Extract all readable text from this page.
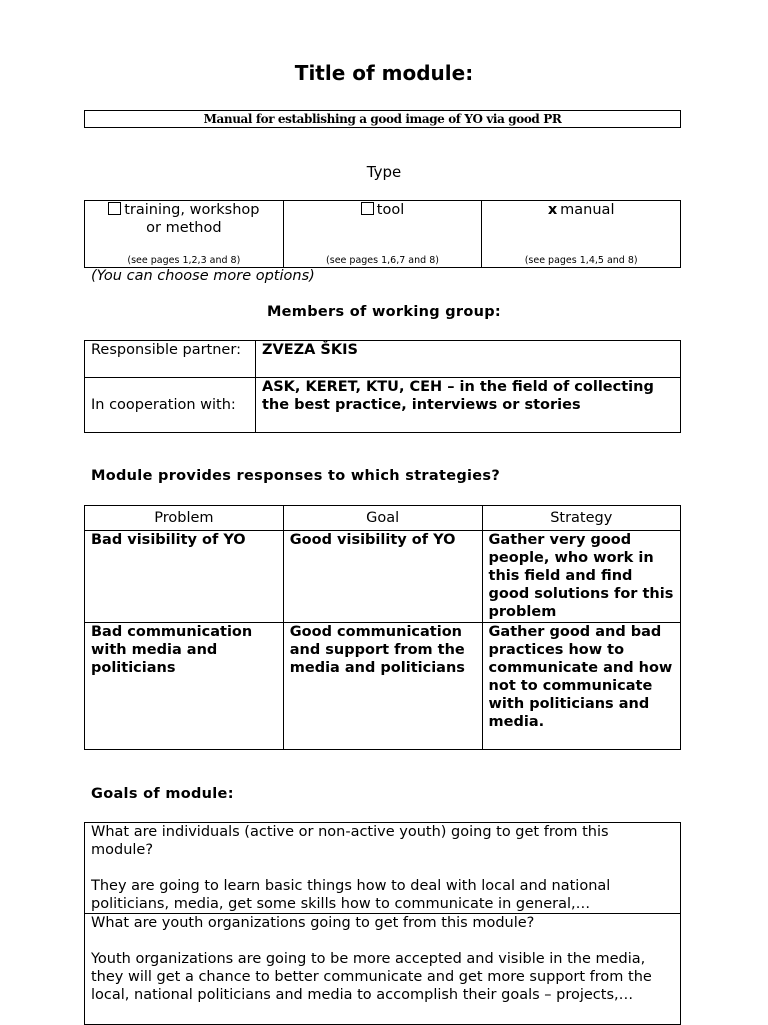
Title of module:
Manual for establishing a good image of YO via good PR
Type
training, workshop
or method
(see pages 1,2,3 and 8)
	tool
(see pages 1,6,7 and 8)
	x manual
(see pages 1,4,5 and 8)
(You can choose more options)
Members of working group:
Responsible partner:	ZVEZA ŠKIS
In cooperation with:	ASK, KERET, KTU, CEH – in the field of collecting the best practice, interviews or stories
Module provides responses to which strategies?
Problem	Goal	Strategy
Bad visibility of YO	Good visibility of YO	Gather very good people, who work in this field and find good solutions for this problem
Bad communication with media and politicians	Good communication and support from the media and politicians	Gather good and bad practices how to communicate and how not to communicate with politicians and media.
Goals of module:

What are individuals (active or non-active youth) going to get from this module?

They are going to learn basic things how to deal with local and national politicians, media, get some skills how to communicate in general,…

What are youth organizations going to get from this module?

Youth organizations are going to be more accepted and visible in the media, they will get a chance to better communicate and get more support from the local, national politicians and media to accomplish their goals – projects,…
